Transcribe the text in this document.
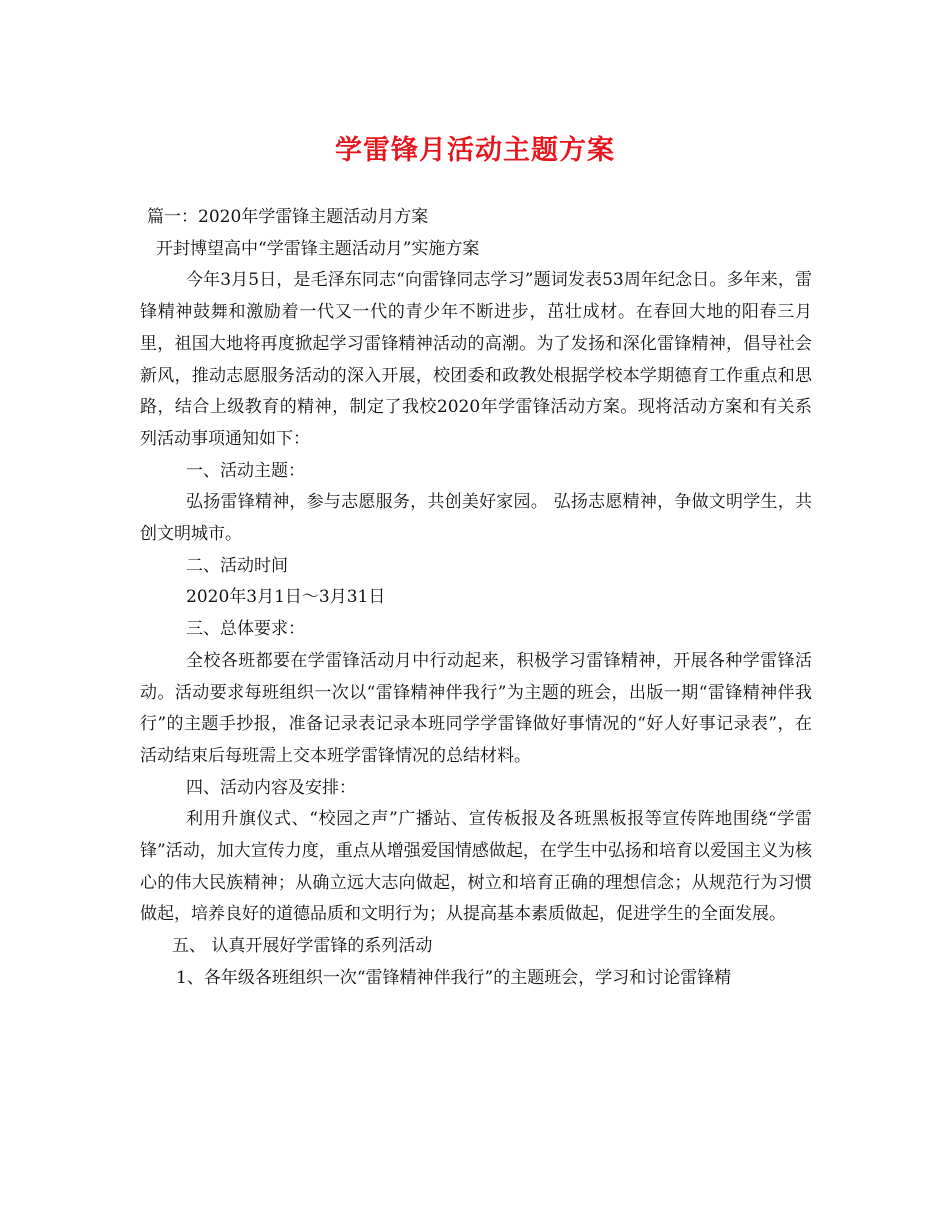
学雷锋月活动主题方案

篇一：2020年学雷锋主题活动月方案

开封博望高中“学雷锋主题活动月”实施方案

今年3月5日，是毛泽东同志“向雷锋同志学习”题词发表53周年纪念日。多年来，雷锋精神鼓舞和激励着一代又一代的青少年不断进步，茁壮成材。在春回大地的阳春三月里，祖国大地将再度掀起学习雷锋精神活动的高潮。为了发扬和深化雷锋精神，倡导社会新风，推动志愿服务活动的深入开展，校团委和政教处根据学校本学期德育工作重点和思路，结合上级教育的精神，制定了我校2020年学雷锋活动方案。现将活动方案和有关系列活动事项通知如下：

一、活动主题：

弘扬雷锋精神，参与志愿服务，共创美好家园。 弘扬志愿精神，争做文明学生，共创文明城市。

二、活动时间

2020年3月1日～3月31日

三、总体要求：

全校各班都要在学雷锋活动月中行动起来，积极学习雷锋精神，开展各种学雷锋活动。活动要求每班组织一次以“雷锋精神伴我行”为主题的班会，出版一期“雷锋精神伴我行”的主题手抄报，准备记录表记录本班同学学雷锋做好事情况的“好人好事记录表”，在活动结束后每班需上交本班学雷锋情况的总结材料。

四、活动内容及安排：

利用升旗仪式、“校园之声”广播站、宣传板报及各班黑板报等宣传阵地围绕“学雷锋”活动，加大宣传力度，重点从增强爱国情感做起，在学生中弘扬和培育以爱国主义为核心的伟大民族精神；从确立远大志向做起，树立和培育正确的理想信念；从规范行为习惯做起，培养良好的道德品质和文明行为；从提高基本素质做起，促进学生的全面发展。

五、 认真开展好学雷锋的系列活动

1、各年级各班组织一次“雷锋精神伴我行”的主题班会，学习和讨论雷锋精
